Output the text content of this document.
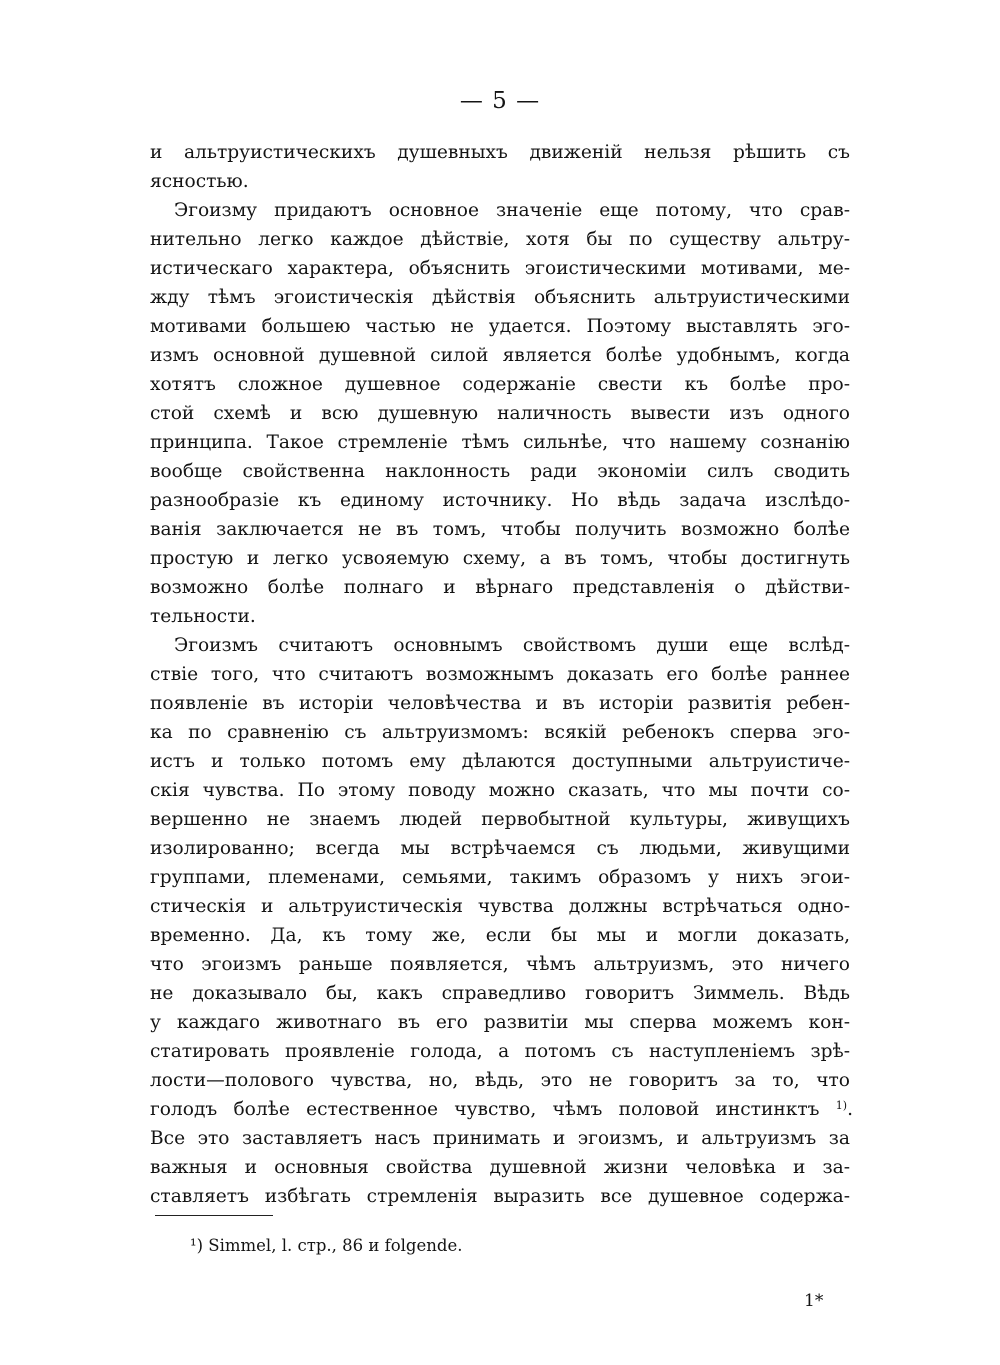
— 5 —
и альтруистическихъ душевныхъ движеній нельзя рѣшить съ
ясностью.
Эгоизму придаютъ основное значеніе еще потому, что срав-
нительно легко каждое дѣйствіе, хотя бы по существу альтру-
истическаго характера, объяснить эгоистическими мотивами, ме-
жду тѣмъ эгоистическія дѣйствія объяснить альтруистическими
мотивами большею частью не удается. Поэтому выставлять эго-
измъ основной душевной силой является болѣе удобнымъ, когда
хотятъ сложное душевное содержаніе свести къ болѣе про-
стой схемѣ и всю душевную наличность вывести изъ одного
принципа. Такое стремленіе тѣмъ сильнѣе, что нашему сознанію
вообще свойственна наклонность ради экономіи силъ сводить
разнообразіе къ единому источнику. Но вѣдь задача изслѣдо-
ванія заключается не въ томъ, чтобы получить возможно болѣе
простую и легко усвояемую схему, а въ томъ, чтобы достигнуть
возможно болѣе полнаго и вѣрнаго представленія о дѣйстви-
тельности.
Эгоизмъ считаютъ основнымъ свойствомъ души еще вслѣд-
ствіе того, что считаютъ возможнымъ доказать его болѣе раннее
появленіе въ исторіи человѣчества и въ исторіи развитія ребен-
ка по сравненію съ альтруизмомъ: всякій ребенокъ сперва эго-
истъ и только потомъ ему дѣлаются доступными альтруистиче-
скія чувства. По этому поводу можно сказать, что мы почти со-
вершенно не знаемъ людей первобытной культуры, живущихъ
изолированно; всегда мы встрѣчаемся съ людьми, живущими
группами, племенами, семьями, такимъ образомъ у нихъ эгои-
стическія и альтруистическія чувства должны встрѣчаться одно-
временно. Да, къ тому же, если бы мы и могли доказать,
что эгоизмъ раньше появляется, чѣмъ альтруизмъ, это ничего
не доказывало бы, какъ справедливо говоритъ Зиммель. Вѣдь
у каждаго животнаго въ его развитіи мы сперва можемъ кон-
статировать проявленіе голода, а потомъ съ наступленіемъ зрѣ-
лости—полового чувства, но, вѣдь, это не говоритъ за то, что
голодъ болѣе естественное чувство, чѣмъ половой инстинктъ $^{1)}$.
Все это заставляетъ насъ принимать и эгоизмъ, и альтруизмъ за
важныя и основныя свойства душевной жизни человѣка и за-
ставляетъ избѣгать стремленія выразить все душевное содержа-
¹) Simmel, l. стр., 86 и folgende.
1*
